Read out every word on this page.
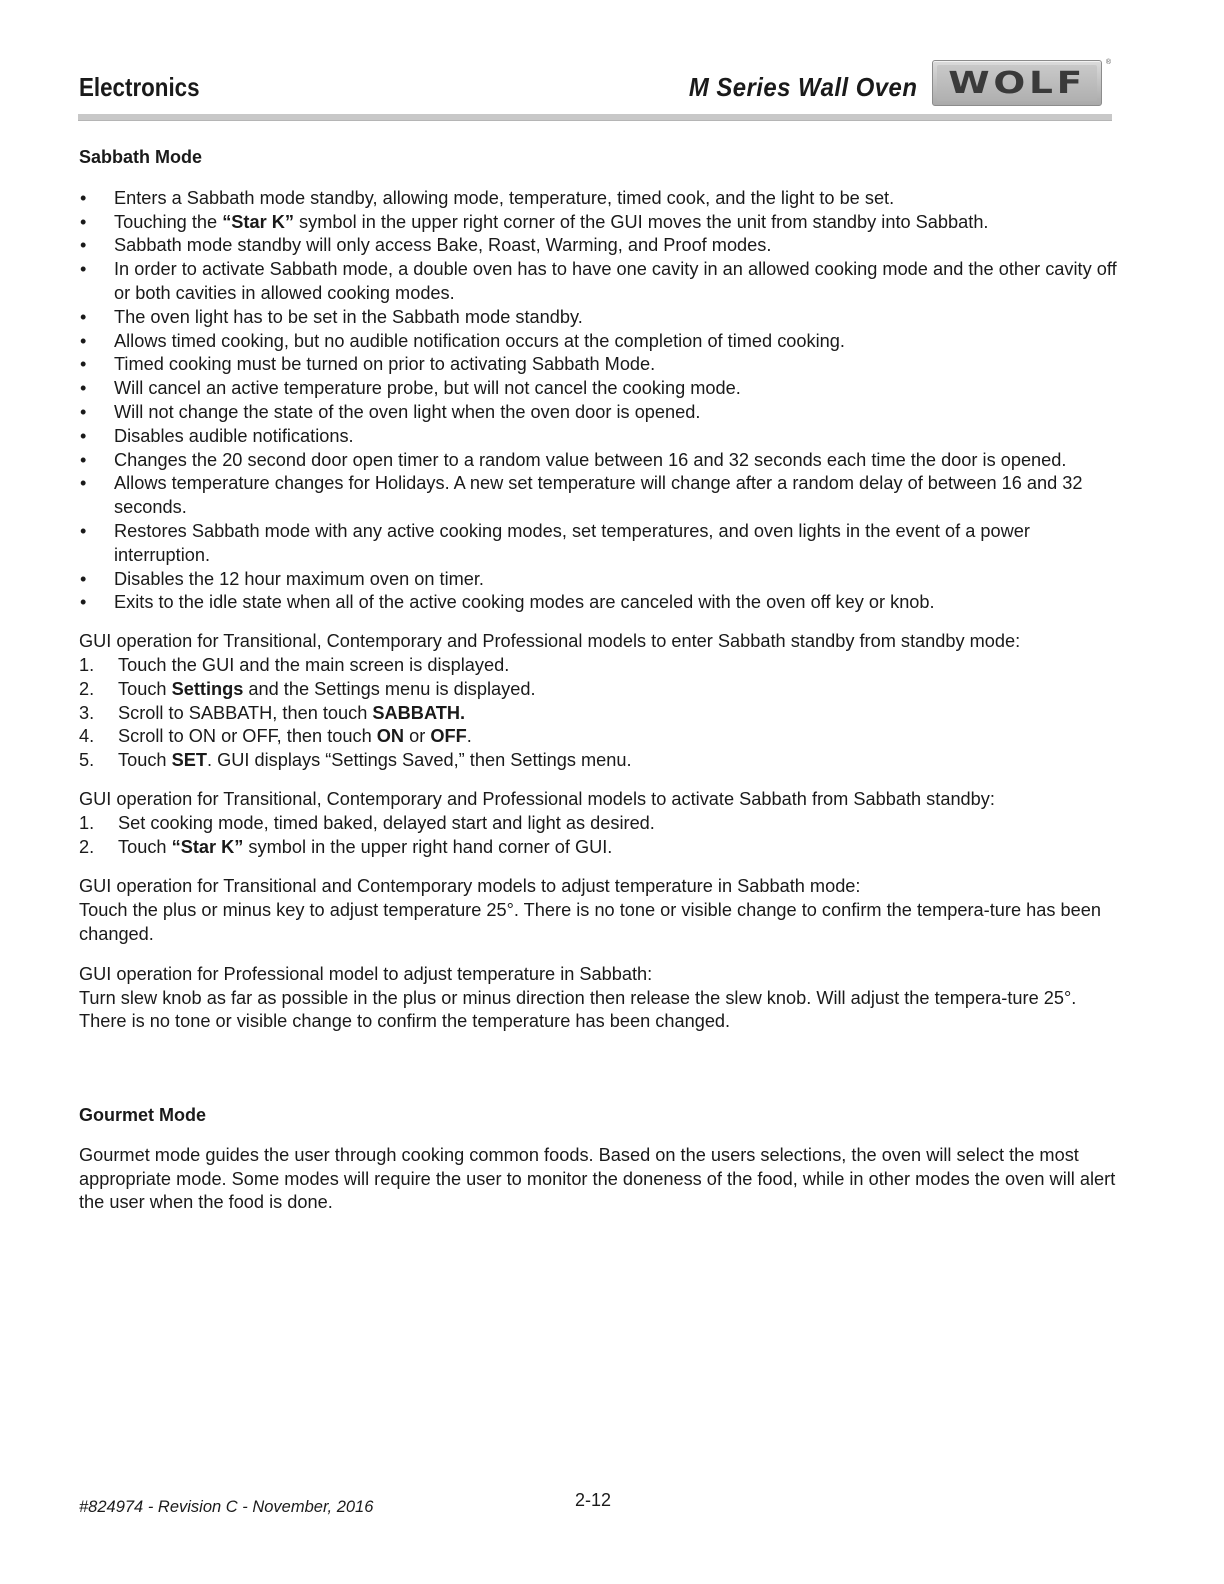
Electronics	M Series Wall Oven WOLF
®
Sabbath Mode
• Enters a Sabbath mode standby, allowing mode, temperature, timed cook, and the light to be set.
• Touching the “Star K” symbol in the upper right corner of the GUI moves the unit from standby into Sabbath.
• Sabbath mode standby will only access Bake, Roast, Warming, and Proof modes.
• In order to activate Sabbath mode, a double oven has to have one cavity in an allowed cooking mode and the other cavity off or both cavities in allowed cooking modes.
• The oven light has to be set in the Sabbath mode standby.
• Allows timed cooking, but no audible notification occurs at the completion of timed cooking.
• Timed cooking must be turned on prior to activating Sabbath Mode.
• Will cancel an active temperature probe, but will not cancel the cooking mode.
• Will not change the state of the oven light when the oven door is opened.
• Disables audible notifications.
• Changes the 20 second door open timer to a random value between 16 and 32 seconds each time the door is opened.
• Allows temperature changes for Holidays. A new set temperature will change after a random delay of between 16 and 32 seconds.
• Restores Sabbath mode with any active cooking modes, set temperatures, and oven lights in the event of a power interruption.
• Disables the 12 hour maximum oven on timer.
• Exits to the idle state when all of the active cooking modes are canceled with the oven off key or knob.

GUI operation for Transitional, Contemporary and Professional models to enter Sabbath standby from standby mode:

1. Touch the GUI and the main screen is displayed.
2. Touch Settings and the Settings menu is displayed.
3. Scroll to SABBATH, then touch SABBATH.
4. Scroll to ON or OFF, then touch ON or OFF.
5. Touch SET. GUI displays “Settings Saved,” then Settings menu.

GUI operation for Transitional, Contemporary and Professional models to activate Sabbath from Sabbath standby:

1. Set cooking mode, timed baked, delayed start and light as desired.
2. Touch “Star K” symbol in the upper right hand corner of GUI.

GUI operation for Transitional and Contemporary models to adjust temperature in Sabbath mode:

Touch the plus or minus key to adjust temperature 25°. There is no tone or visible change to confirm the tempera-ture has been changed.

GUI operation for Professional model to adjust temperature in Sabbath:

Turn slew knob as far as possible in the plus or minus direction then release the slew knob. Will adjust the tempera-ture 25°. There is no tone or visible change to confirm the temperature has been changed.

Gourmet Mode

Gourmet mode guides the user through cooking common foods. Based on the users selections, the oven will select the most appropriate mode. Some modes will require the user to monitor the doneness of the food, while in other modes the oven will alert the user when the food is done.

#824974 - Revision C - November, 2016	2-12
